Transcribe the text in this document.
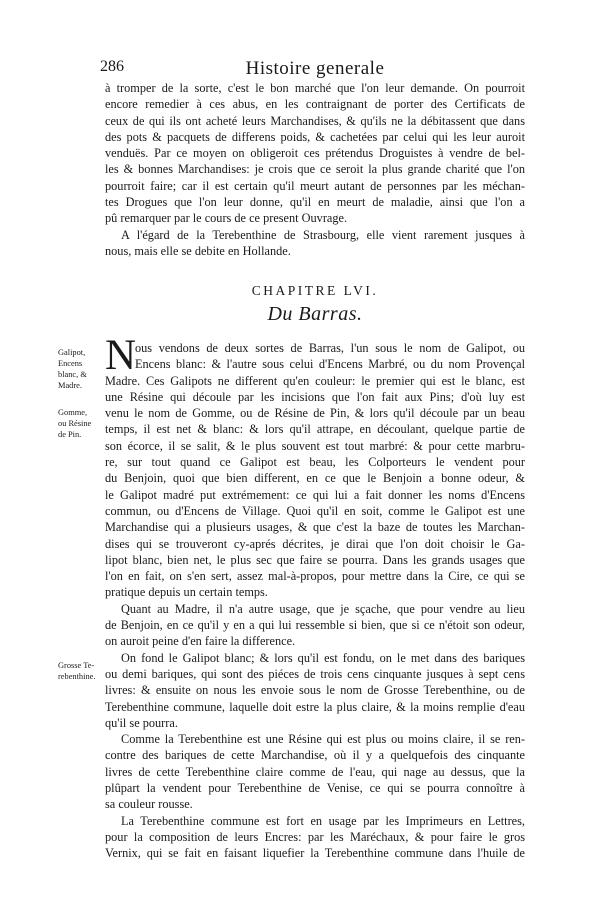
286	Histoire generale
à tromper de la sorte, c'est le bon marché que l'on leur demande. On pourroit
encore remedier à ces abus, en les contraignant de porter des Certificats de
ceux de qui ils ont acheté leurs Marchandises, & qu'ils ne la débitassent que dans
des pots & pacquets de differens poids, & cachetées par celui qui les leur auroit
venduës. Par ce moyen on obligeroit ces prétendus Droguistes à vendre de bel-
les & bonnes Marchandises: je crois que ce seroit la plus grande charité que l'on
pourroit faire; car il est certain qu'il meurt autant de personnes par les méchan-
tes Drogues que l'on leur donne, qu'il en meurt de maladie, ainsi que l'on a
pû remarquer par le cours de ce present Ouvrage.
A l'égard de la Terebenthine de Strasbourg, elle vient rarement jusques à
nous, mais elle se debite en Hollande.
CHAPITRE LVI.
Du Barras.
N
Galipot,
Encens
blanc, &
Madre.
Gomme,
ou Résine
de Pin.
Grosse Te-
rebenthine.
ous vendons de deux sortes de Barras, l'un sous le nom de Galipot, ou
Encens blanc: & l'autre sous celui d'Encens Marbré, ou du nom Provençal
Madre. Ces Galipots ne different qu'en couleur: le premier qui est le blanc, est
une Résine qui découle par les incisions que l'on fait aux Pins; d'où luy est
venu le nom de Gomme, ou de Résine de Pin, & lors qu'il découle par un beau
temps, il est net & blanc: & lors qu'il attrape, en découlant, quelque partie de
son écorce, il se salit, & le plus souvent est tout marbré: & pour cette marbru-
re, sur tout quand ce Galipot est beau, les Colporteurs le vendent pour
du Benjoin, quoi que bien different, en ce que le Benjoin a bonne odeur, &
le Galipot madré put extrémement: ce qui lui a fait donner les noms d'Encens
commun, ou d'Encens de Village. Quoi qu'il en soit, comme le Galipot est une
Marchandise qui a plusieurs usages, & que c'est la baze de toutes les Marchan-
dises qui se trouveront cy-aprés décrites, je dirai que l'on doit choisir le Ga-
lipot blanc, bien net, le plus sec que faire se pourra. Dans les grands usages que
l'on en fait, on s'en sert, assez mal-à-propos, pour mettre dans la Cire, ce qui se
pratique depuis un certain temps.
Quant au Madre, il n'a autre usage, que je sçache, que pour vendre au lieu
de Benjoin, en ce qu'il y en a qui lui ressemble si bien, que si ce n'étoit son odeur,
on auroit peine d'en faire la difference.
On fond le Galipot blanc; & lors qu'il est fondu, on le met dans des bariques
ou demi bariques, qui sont des piéces de trois cens cinquante jusques à sept cens
livres: & ensuite on nous les envoie sous le nom de Grosse Terebenthine, ou de
Terebenthine commune, laquelle doit estre la plus claire, & la moins remplie d'eau
qu'il se pourra.
Comme la Terebenthine est une Résine qui est plus ou moins claire, il se ren-
contre des bariques de cette Marchandise, où il y a quelquefois des cinquante
livres de cette Terebenthine claire comme de l'eau, qui nage au dessus, que la
plûpart la vendent pour Terebenthine de Venise, ce qui se pourra connoître à
sa couleur rousse.
La Terebenthine commune est fort en usage par les Imprimeurs en Lettres,
pour la composition de leurs Encres: par les Maréchaux, & pour faire le gros
Vernix, qui se fait en faisant liquefier la Terebenthine commune dans l'huile de
